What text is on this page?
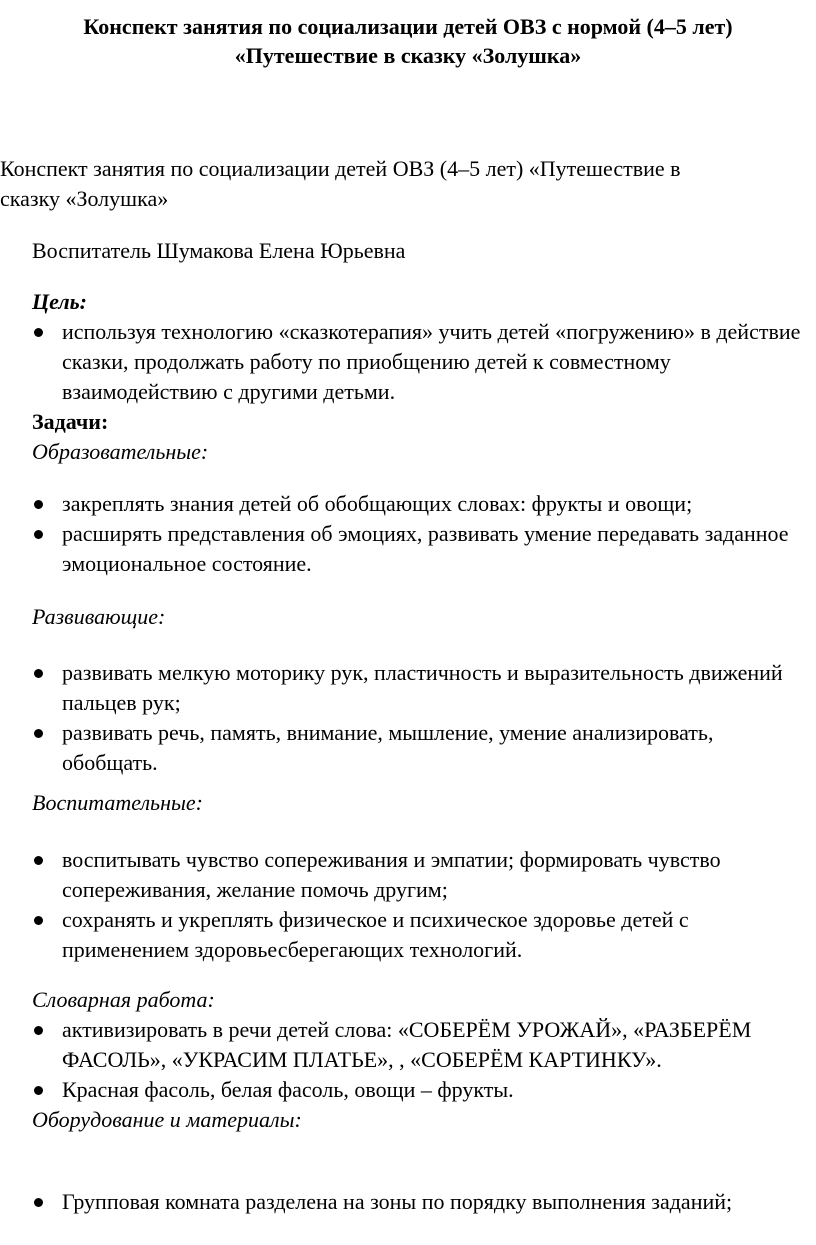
Конспект занятия по социализации детей ОВЗ с нормой (4–5 лет)
«Путешествие в сказку «Золушка»
Конспект занятия по социализации детей ОВЗ (4–5 лет) «Путешествие в
сказку «Золушка»
Воспитатель Шумакова Елена Юрьевна
Цель:
используя технологию «сказкотерапия» учить детей «погружению» в действие сказки, продолжать работу по приобщению детей к совместному взаимодействию с другими детьми.
Задачи:
Образовательные:
закреплять знания детей об обобщающих словах: фрукты и овощи;
расширять представления об эмоциях, развивать умение передавать заданное эмоциональное состояние.
Развивающие:
развивать мелкую моторику рук, пластичность и выразительность движений пальцев рук;
развивать речь, память, внимание, мышление, умение анализировать, обобщать.
Воспитательные:
воспитывать чувство сопереживания и эмпатии; формировать чувство сопереживания, желание помочь другим;
сохранять и укреплять физическое и психическое здоровье детей с применением здоровьесберегающих технологий.
Словарная работа:
активизировать в речи детей слова: «СОБЕРЁМ УРОЖАЙ», «РАЗБЕРЁМ ФАСОЛЬ», «УКРАСИМ ПЛАТЬЕ», , «СОБЕРЁМ КАРТИНКУ».
Красная фасоль, белая фасоль, овощи – фрукты.
Оборудование и материалы:
Групповая комната разделена на зоны по порядку выполнения заданий;
